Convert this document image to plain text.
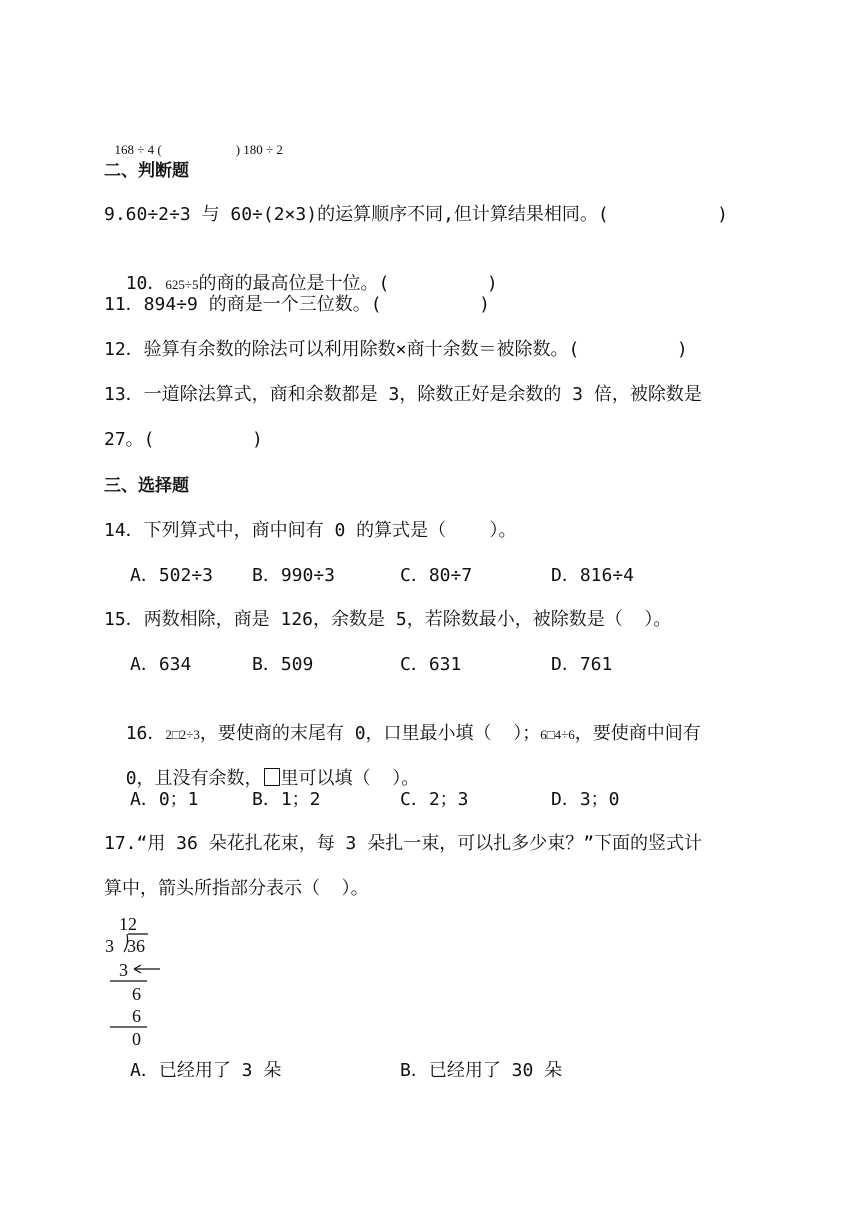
168 ÷ 4 (	) 180 ÷ 2

二、判断题
9.60÷2÷3 与 60÷(2×3)的运算顺序不同,但计算结果相同。(          )

10．625÷5的商的最高位是十位。(         )

11．894÷9 的商是一个三位数。(         )
12．验算有余数的除法可以利用除数×商十余数＝被除数。(         )
13．一道除法算式，商和余数都是 3，除数正好是余数的 3 倍，被除数是
27。(         )
三、选择题
14．下列算式中，商中间有 0 的算式是（    ）。
A．502÷3 B．990÷3	C．80÷7	D．816÷4
15．两数相除，商是 126，余数是 5，若除数最小，被除数是（  ）。
A．634	B．509	C．631	D．761

16．2□2÷3，要使商的末尾有 0，口里最小填（  ）；6□4÷6，要使商中间有

0，且没有余数， 里可以填（  ）。

A．0；1	B．1；2	C．2；3	D．3；0
17.“用 36 朵花扎花束，每 3 朵扎一束，可以扎多少束？”下面的竖式计
算中，箭头所指部分表示（  ）。
12
3 36
3
6
6
0
A．已经用了 3 朵	B．已经用了 30 朵
